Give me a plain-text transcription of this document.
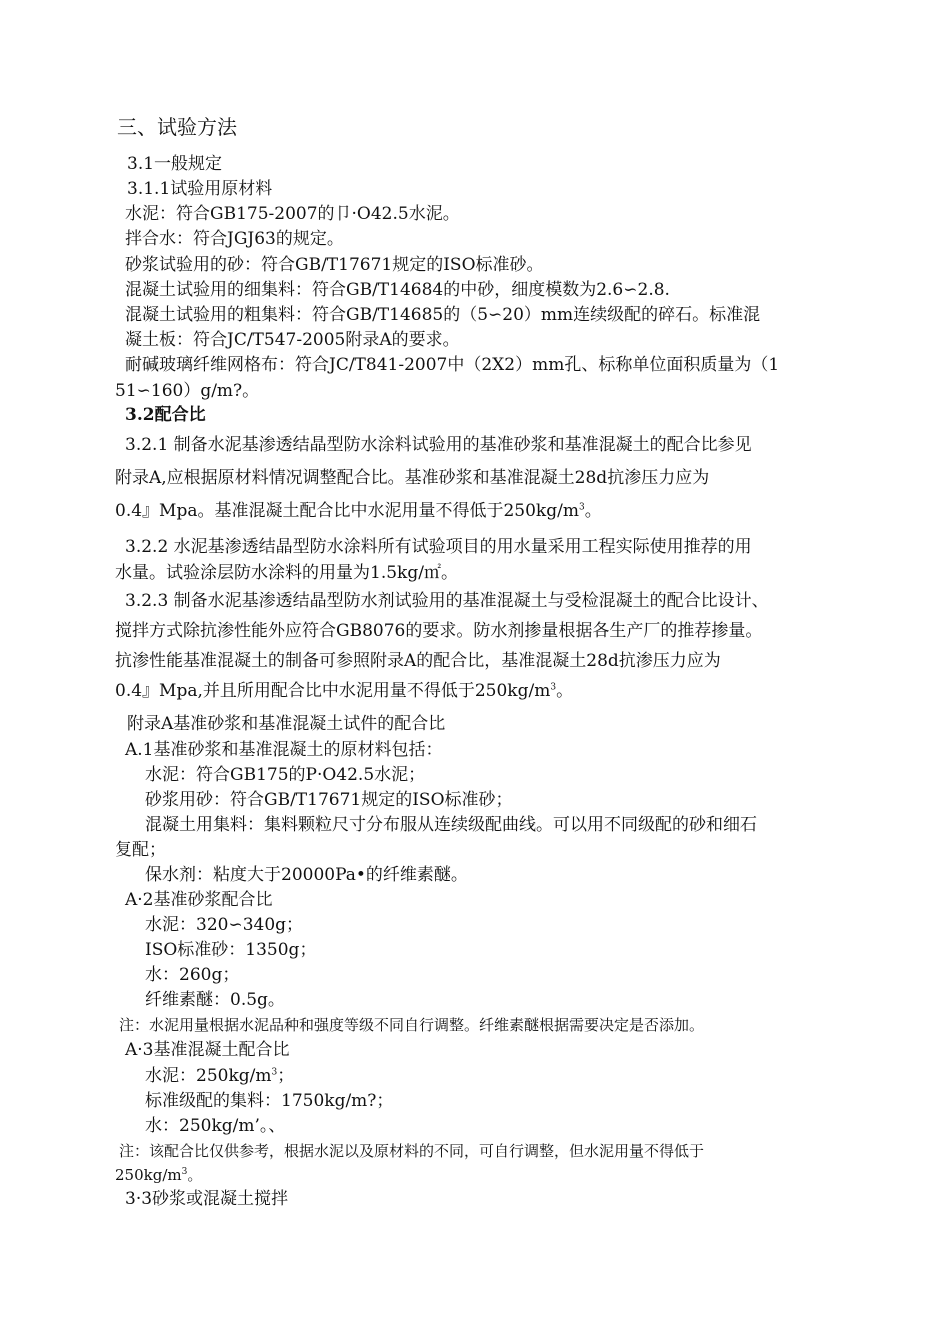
三、试验方法
3.1一般规定
3.1.1试验用原材料
水泥：符合GB175-2007的卩·O42.5水泥。
拌合水：符合JGJ63的规定。
砂浆试验用的砂：符合GB/T17671规定的ISO标准砂。
混凝土试验用的细集料：符合GB/T14684的中砂，细度模数为2.6∽2.8.
混凝土试验用的粗集料：符合GB/T14685的（5∽20）mm连续级配的碎石。标准混
凝土板：符合JC/T547-2005附录A的要求。
耐碱玻璃纤维网格布：符合JC/T841-2007中（2X2）mm孔、标称单位面积质量为（1
51∽160）g/m?。
3.2配合比
3.2.1 制备水泥基渗透结晶型防水涂料试验用的基准砂浆和基准混凝土的配合比参见
附录A,应根据原材料情况调整配合比。基准砂浆和基准混凝土28d抗渗压力应为
0.4』Mpa。基准混凝土配合比中水泥用量不得低于$250kg/m^3$。
3.2.2 水泥基渗透结晶型防水涂料所有试验项目的用水量采用工程实际使用推荐的用
水量。试验涂层防水涂料的用量为1.5kg/㎡。
3.2.3 制备水泥基渗透结晶型防水剂试验用的基准混凝土与受检混凝土的配合比设计、
搅拌方式除抗渗性能外应符合GB8076的要求。防水剂掺量根据各生产厂的推荐掺量。
抗渗性能基准混凝土的制备可参照附录A的配合比，基准混凝土28d抗渗压力应为
0.4』Mpa,并且所用配合比中水泥用量不得低于$250kg/m^3$。
附录A基准砂浆和基准混凝土试件的配合比
A.1基准砂浆和基准混凝土的原材料包括：
水泥：符合GB175的P·O42.5水泥；
砂浆用砂：符合GB/T17671规定的ISO标准砂；
混凝土用集料：集料颗粒尺寸分布服从连续级配曲线。可以用不同级配的砂和细石
复配；
保水剂：粘度大于20000Pa•的纤维素醚。
A·2基准砂浆配合比
水泥：320∽340g；
ISO标准砂：1350g；
水：260g；
纤维素醚：0.5g。
注：水泥用量根据水泥品种和强度等级不同自行调整。纤维素醚根据需要决定是否添加。
A·3基准混凝土配合比
水泥：$250kg/m^3$；
标准级配的集料：1750kg/m?；
水：250kg/m’。、
注：该配合比仅供参考，根据水泥以及原材料的不同，可自行调整，但水泥用量不得低于
$250kg/m^3$。
3·3砂浆或混凝土搅拌
